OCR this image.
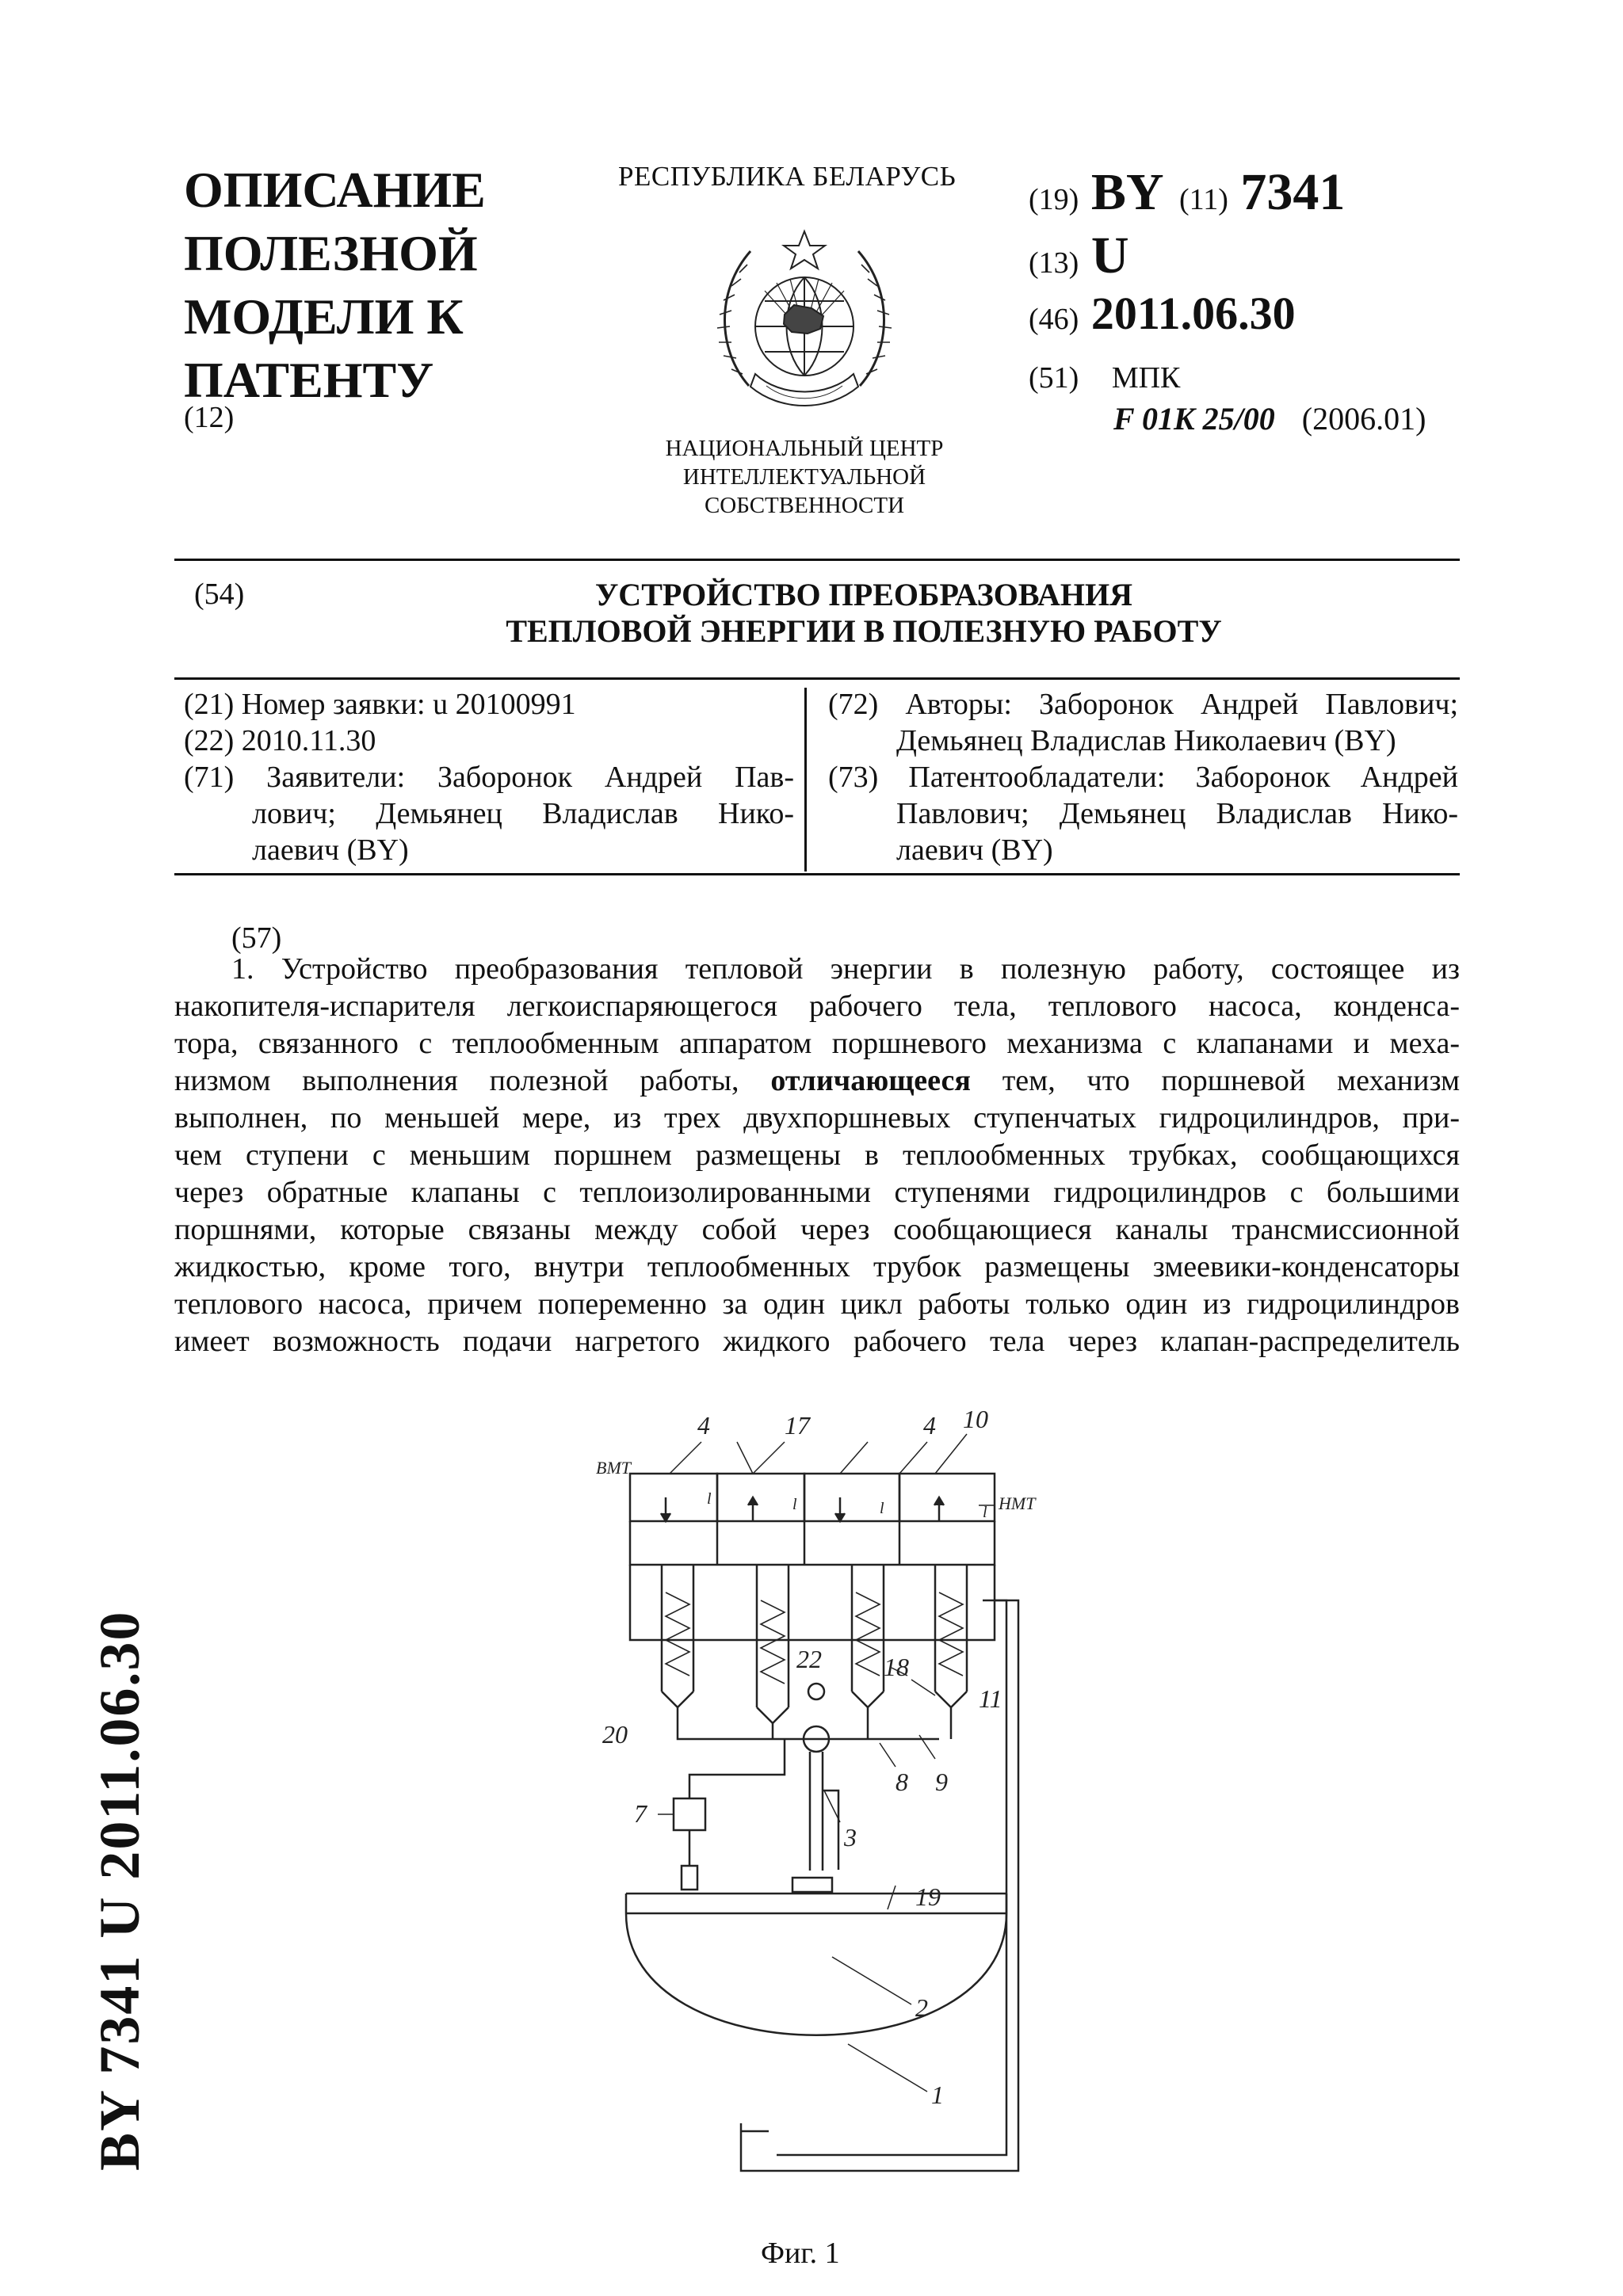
ОПИСАНИЕ
ПОЛЕЗНОЙ
МОДЕЛИ К
ПАТЕНТУ
(12)
РЕСПУБЛИКА БЕЛАРУСЬ
НАЦИОНАЛЬНЫЙ ЦЕНТР
ИНТЕЛЛЕКТУАЛЬНОЙ
СОБСТВЕННОСТИ
(19) BY (11) 7341
(13) U
(46) 2011.06.30
(51) МПК
F 01K 25/00 (2006.01)
(54)	УСТРОЙСТВО ПРЕОБРАЗОВАНИЯ
ТЕПЛОВОЙ ЭНЕРГИИ В ПОЛЕЗНУЮ РАБОТУ
(21) Номер заявки: u 20100991
(22) 2010.11.30
(71) Заявители: Заборонок Андрей Пав-
лович; Демьянец Владислав Нико-
лаевич (BY)
(72) Авторы: Заборонок Андрей Павлович;
Демьянец Владислав Николаевич (BY)
(73) Патентообладатели: Заборонок Андрей
Павлович; Демьянец Владислав Нико-
лаевич (BY)
(57)
1. Устройство преобразования тепловой энергии в полезную работу, состоящее из
накопителя-испарителя легкоиспаряющегося рабочего тела, теплового насоса, конденса-
тора, связанного с теплообменным аппаратом поршневого механизма с клапанами и меха-
низмом выполнения полезной работы, отличающееся тем, что поршневой механизм
выполнен, по меньшей мере, из трех двухпоршневых ступенчатых гидроцилиндров, при-
чем ступени с меньшим поршнем размещены в теплообменных трубках, сообщающихся
через обратные клапаны с теплоизолированными ступенями гидроцилиндров с большими
поршнями, которые связаны между собой через сообщающиеся каналы трансмиссионной
жидкостью, кроме того, внутри теплообменных трубок размещены змеевики-конденсаторы
теплового насоса, причем попеременно за один цикл работы только один из гидроцилиндров
имеет возможность подачи нагретого жидкого рабочего тела через клапан-распределитель
4	17	4 10
НМТ
ВМТ
22 18
11
20
8 9
3
7
19
2
1
l	l	l	l
Фиг. 1
BY 7341 U 2011.06.30
